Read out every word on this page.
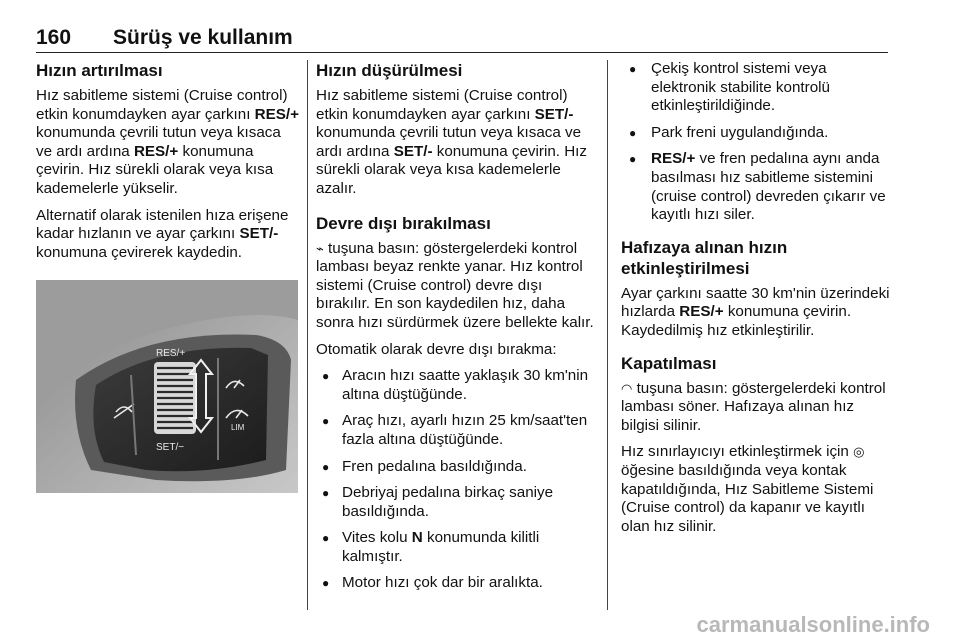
160 Sürüş ve kullanım
Hızın artırılması

Hız sabitleme sistemi (Cruise control) etkin konumdayken ayar çarkını RES/+ konumunda çevrili tutun veya kısaca ve ardı ardına RES/+ konumuna çevirin. Hız sürekli olarak veya kısa kademelerle yükselir.

Alternatif olarak istenilen hıza erişene kadar hızlanın ve ayar çarkını SET/- konumuna çevirerek kaydedin.

RES/+
SET/−
LIM
Hızın düşürülmesi

Hız sabitleme sistemi (Cruise control) etkin konumdayken ayar çarkını SET/- konumunda çevrili tutun veya kısaca ve ardı ardına SET/- konumuna çevirin. Hız sürekli olarak veya kısa kademelerle azalır.

Devre dışı bırakılması

⌁ tuşuna basın: göstergelerdeki kontrol lambası beyaz renkte yanar. Hız kontrol sistemi (Cruise control) devre dışı bırakılır. En son kaydedilen hız, daha sonra hızı sürdürmek üzere bellekte kalır.

Otomatik olarak devre dışı bırakma:

● Aracın hızı saatte yaklaşık 30 km'nin altına düştüğünde.
● Araç hızı, ayarlı hızın 25 km/saat'ten fazla altına düştüğünde.
● Fren pedalına basıldığında.
● Debriyaj pedalına birkaç saniye basıldığında.
● Vites kolu N konumunda kilitli kalmıştır.
● Motor hızı çok dar bir aralıkta.
● Çekiş kontrol sistemi veya elektronik stabilite kontrolü etkinleştirildiğinde.
● Park freni uygulandığında.
● RES/+ ve fren pedalına aynı anda basılması hız sabitleme sistemini (cruise control) devreden çıkarır ve kayıtlı hızı siler.
Hafızaya alınan hızın etkinleştirilmesi

Ayar çarkını saatte 30 km'nin üzerindeki hızlarda RES/+ konumuna çevirin. Kaydedilmiş hız etkinleştirilir.

Kapatılması

◠ tuşuna basın: göstergelerdeki kontrol lambası söner. Hafızaya alınan hız bilgisi silinir.

Hız sınırlayıcıyı etkinleştirmek için ◎ öğesine basıldığında veya kontak kapatıldığında, Hız Sabitleme Sistemi (Cruise control) da kapanır ve kayıtlı olan hız silinir.

carmanualsonline.info
